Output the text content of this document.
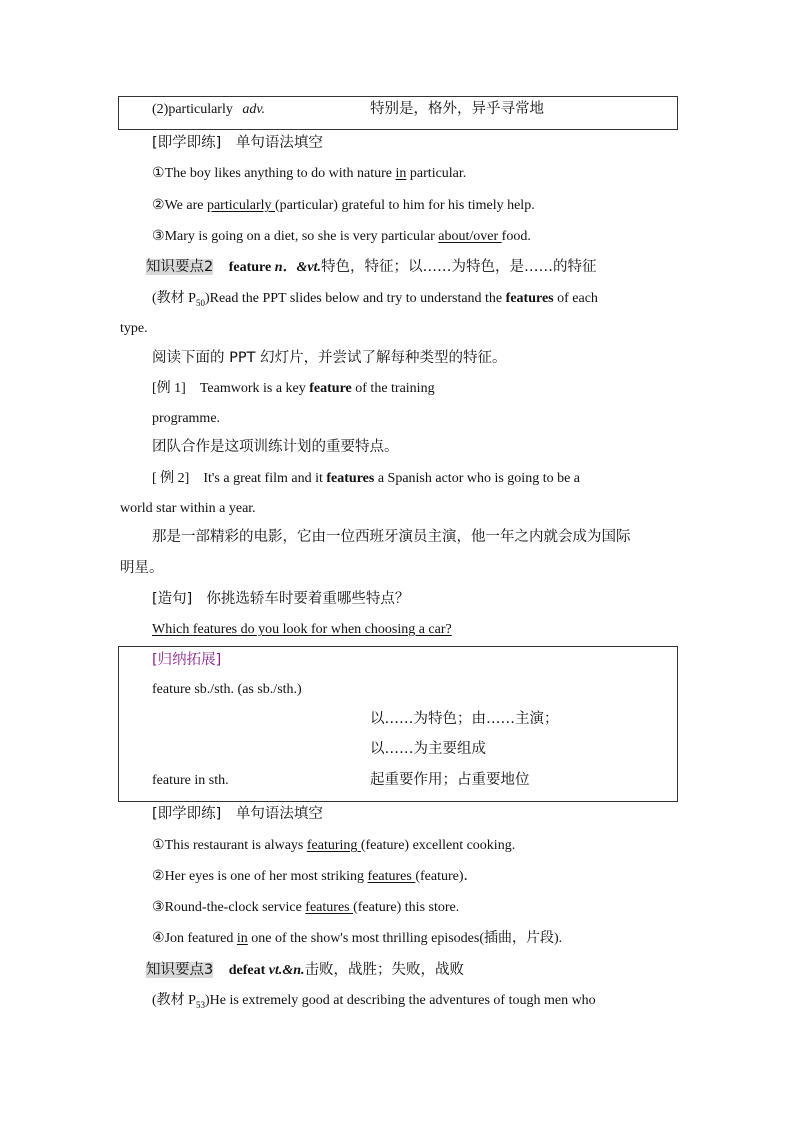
(2)particularly adv.	特别是，格外，异乎寻常地
[即学即练]　单句语法填空
①The boy likes anything to do with nature in particular.
②We are particularly (particular) grateful to him for his timely help.
③Mary is going on a diet, so she is very particular about/over food.
知识要点2 feature n．&vt.特色，特征；以……为特色，是……的特征
(教材 $P_{50})Read$ the PPT slides below and try to understand the features of each
type.
阅读下面的 PPT 幻灯片，并尝试了解每种类型的特征。
[例 1] Teamwork is a key feature of the training
programme.
团队合作是这项训练计划的重要特点。
[ 例 2] It's a great film and it features a Spanish actor who is going to be a
world star within a year.
那是一部精彩的电影，它由一位西班牙演员主演，他一年之内就会成为国际
明星。
[造句] 你挑选轿车时要着重哪些特点？
Which features do you look for when choosing a car?
[归纳拓展]
feature sb./sth. (as sb./sth.)
以……为特色；由……主演；
以……为主要组成
feature in sth.	起重要作用；占重要地位
[即学即练]　单句语法填空
①This restaurant is always featuring (feature) excellent cooking.
②Her eyes is one of her most striking features (feature)．
③Round-the-clock service features (feature) this store.
④Jon featured in one of the show's most thrilling episodes(插曲，片段).
知识要点3 defeat vt.&n.击败，战胜；失败，战败
(教材 $P_{53})He$ is extremely good at describing the adventures of tough men who
